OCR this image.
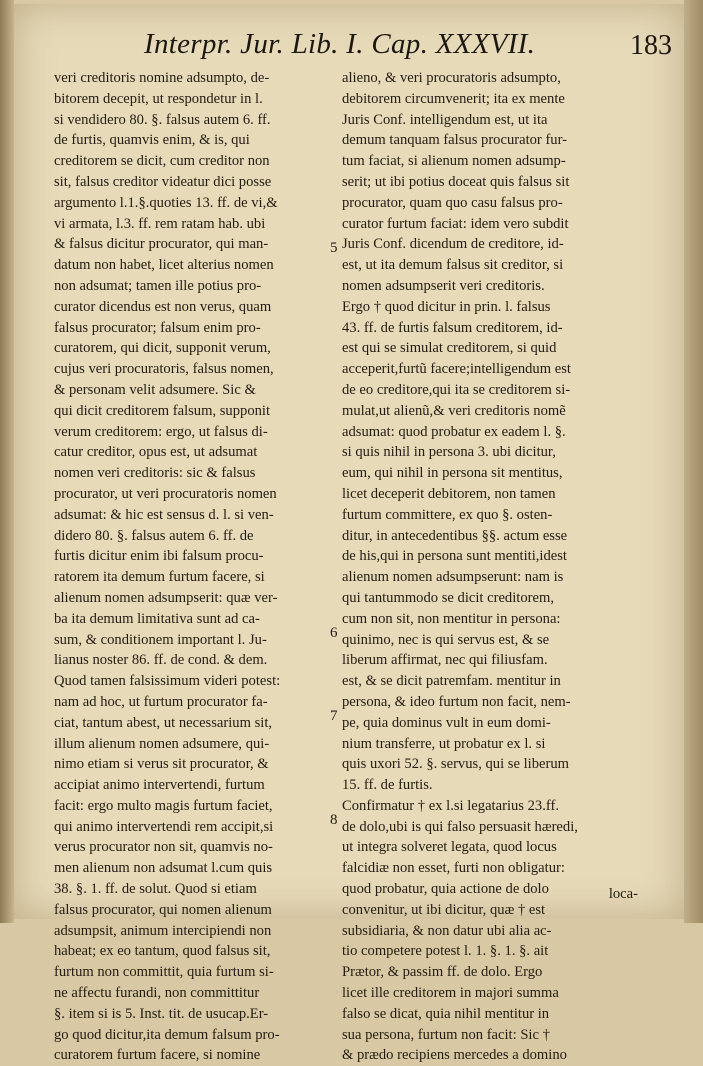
Interpr. Jur. Lib. I. Cap. XXXVII.	183
veri creditoris nomine adsumpto, de-
bitorem decepit, ut respondetur in l.
si vendidero 80. §. falsus autem 6. ff.
de furtis, quamvis enim, & is, qui
creditorem se dicit, cum creditor non
sit, falsus creditor videatur dici posse
argumento l.1.§.quoties 13. ff. de vi,&
vi armata, l.3. ff. rem ratam hab. ubi
& falsus dicitur procurator, qui man-
datum non habet, licet alterius nomen
non adsumat; tamen ille potius pro-
curator dicendus est non verus, quam
falsus procurator; falsum enim pro-
curatorem, qui dicit, supponit verum,
cujus veri procuratoris, falsus nomen,
& personam velit adsumere. Sic &
qui dicit creditorem falsum, supponit
verum creditorem: ergo, ut falsus di-
catur creditor, opus est, ut adsumat
nomen veri creditoris: sic & falsus
procurator, ut veri procuratoris nomen
adsumat: & hic est sensus d. l. si ven-
didero 80. §. falsus autem 6. ff. de
furtis dicitur enim ibi falsum procu-
ratorem ita demum furtum facere, si
alienum nomen adsumpserit: quæ ver-
ba ita demum limitativa sunt ad ca-
sum, & conditionem important l. Ju-
lianus noster 86. ff. de cond. & dem.
Quod tamen falsissimum videri potest:
nam ad hoc, ut furtum procurator fa-
ciat, tantum abest, ut necessarium sit,
illum alienum nomen adsumere, qui-
nimo etiam si verus sit procurator, &
accipiat animo intervertendi, furtum
facit: ergo multo magis furtum faciet,
qui animo intervertendi rem accipit,si
verus procurator non sit, quamvis no-
men alienum non adsumat l.cum quis
38. §. 1. ff. de solut. Quod si etiam
falsus procurator, qui nomen alienum
adsumpsit, animum intercipiendi non
habeat; ex eo tantum, quod falsus sit,
furtum non committit, quia furtum si-
ne affectu furandi, non committitur
§. item si is 5. Inst. tit. de usucap.Er-
go quod dicitur,ita demum falsum pro-
curatorem furtum facere, si nomine
alieno, & veri procuratoris adsumpto,
debitorem circumvenerit; ita ex mente
Juris Conf. intelligendum est, ut ita
demum tanquam falsus procurator fur-
tum faciat, si alienum nomen adsump-
serit; ut ibi potius doceat quis falsus sit
procurator, quam quo casu falsus pro-
curator furtum faciat: idem vero subdit
Juris Conf. dicendum de creditore, id-
est, ut ita demum falsus sit creditor, si
nomen adsumpserit veri creditoris.
Ergo † quod dicitur in prin. l. falsus
43. ff. de furtis falsum creditorem, id-
est qui se simulat creditorem, si quid
acceperit,furtũ facere;intelligendum est
de eo creditore,qui ita se creditorem si-
mulat,ut alienũ,& veri creditoris nomẽ
adsumat: quod probatur ex eadem l. §.
si quis nihil in persona 3. ubi dicitur,
eum, qui nihil in persona sit mentitus,
licet deceperit debitorem, non tamen
furtum committere, ex quo §. osten-
ditur, in antecedentibus §§. actum esse
de his,qui in persona sunt mentiti,idest
alienum nomen adsumpserunt: nam is
qui tantummodo se dicit creditorem,
cum non sit, non mentitur in persona:
quinimo, nec is qui servus est, & se
liberum affirmat, nec qui filiusfam.
est, & se dicit patremfam. mentitur in
persona, & ideo furtum non facit, nem-
pe, quia dominus vult in eum domi-
nium transferre, ut probatur ex l. si
quis uxori 52. §. servus, qui se liberum
15. ff. de furtis.
Confirmatur † ex l.si legatarius 23.ff.
de dolo,ubi is qui falso persuasit hæredi,
ut integra solveret legata, quod locus
falcidiæ non esset, furti non obligatur:
quod probatur, quia actione de dolo
convenitur, ut ibi dicitur, quæ † est
subsidiaria, & non datur ubi alia ac-
tio competere potest l. 1. §. 1. §. ait
Prætor, & passim ff. de dolo. Ergo
licet ille creditorem in majori summa
falso se dicat, quia nihil mentitur in
sua persona, furtum non facit: Sic †
& prædo recipiens mercedes a domino
5
6
7
8
loca-
